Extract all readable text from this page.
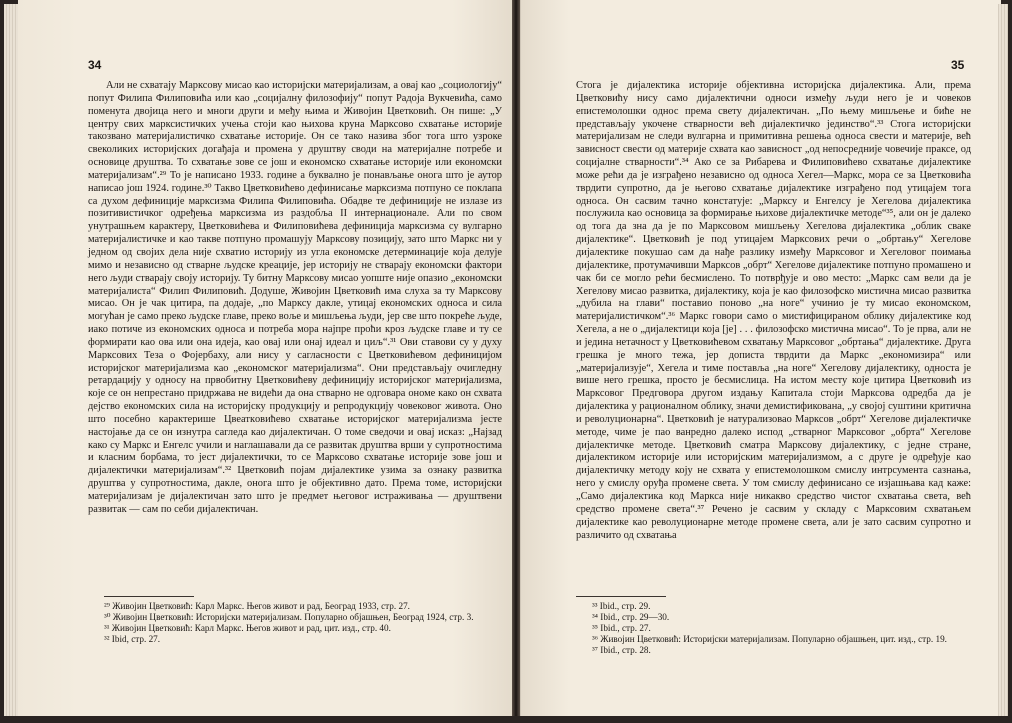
34

Али не схватају Марксову мисао као историјски материјализам, а овај као „социологију“ попут Филипа Филиповића или као „социјалну филозофију“ попут Радоја Вукчевића, само поменута двојица него и многи други и међу њима и Живојин Цветковић. Он пише: „У центру свих марксистичких учења стоји као њихова круна Марксово схватање историје такозвано материјалистичко схватање историје. Он се тако назива због тога што узроке свеколиких историјских догађаја и промена у друштву своди на материјалне потребе и основице друштва. То схватање зове се још и економско схватање историје или економски материјализам“.²⁹ То је написано 1933. године а буквално је понављање онога што је аутор написао још 1924. године.³⁰ Такво Цветковићево дефинисање марксизма потпуно се поклапа са духом дефиниције марксизма Филипа Филиповића. Обадве те дефиниције не излазе из позитивистичког одређења марксизма из раздобља II интернационале. Али по свом унутрашњем карактеру, Цветковићева и Филиповићева дефиниција марксизма су вулгарно материјалистичке и као такве потпуно промашују Марксову позицију, зато што Маркс ни у једном од својих дела није схватио историју из угла економске детерминације која делује мимо и независно од стварне људске креације, јер историју не стварају економски фактори него људи стварају своју историју. Ту битну Марксову мисао уопште није опазио „економски материјалиста“ Филип Филиповић. Додуше, Живојин Цветковић има слуха за ту Марксову мисао. Он је чак цитира, па додаје, „по Марксу дакле, утицај економских односа и сила могућан је само преко људске главе, преко воље и мишљења људи, јер све што покреће људе, иако потиче из економских односа и потреба мора најпре проћи кроз људске главе и ту се формирати као ова или она идеја, као овај или онај идеал и циљ“.³¹ Ови ставови су у духу Марксових Теза о Фојербаху, али нису у сагласности с Цветковићевом дефиницијом историјског материјализма као „економског материјализма“. Они представљају очигледну ретардацију у односу на првобитну Цветковићеву дефиницију историјског материјализма, које се он непрестано придржава не видећи да она стварно не одговара ономе како он схвата дејство економских сила на историјску продукцију и репродукцију човековог живота. Оно што посебно карактерише Цвеаткoвићево схватање историјског материјализма јесте настојање да се он изнутра сагледа као дијалектичан. О томе сведочи и овај исказ: „Најзад како су Маркс и Енгелс учили и наглашавали да се развитак друштва врши у супротностима и класним борбама, то јест дијалектички, то се Марксово схватање историје зове још и дијалектички материјализам“.³² Цветковић појам дијалектике узима за ознаку развитка друштва у супротностима, дакле, онога што је објективно дато. Према томе, историјски материјализам је дијалектичан зато што је предмет његовог истраживања — друштвени развитак — сам по себи дијалектичан.

²⁹ Живојин Цветковић: Карл Маркс. Његов живот и рад, Београд 1933, стр. 27.
³⁰ Живојин Цветковић: Историјски материјализам. Популарно објашњен, Београд 1924, стр. 3.
³¹ Живојин Цветковић: Карл Маркс. Његов живот и рад, цит. изд., стр. 40.
³² Ibid, стр. 27.
35

Стога је дијалектика историје објективна историјска дијалектика. Али, према Цветковићу нису само дијалектични односи између људи него је и човеков епистемолошки однос према свету дијалектичан. „По њему мишљење и биће не представљају укочене стварности већ дијалектичко јединство“.³³ Стога историјски материјализам не следи вулгарна и примитивна решења односа свести и материје, већ зависност свести од материје схвата као зависност „од непосредније човечије праксе, од социјалне стварности“.³⁴ Ако се за Рибарева и Филиповићево схватање дијалектике може рећи да је изграђено независно од односа Хегел—Маркс, мора се за Цветковића тврдити супротно, да је његово схватање дијалектике изграђено под утицајем тога односа. Он сасвим тачно констатује: „Марксу и Енгелсу је Хегелова дијалектика послужила као основица за формирање њихове дијалектичке методе“³⁵, али он је далеко од тога да зна да је по Марксовом мишљењу Хегелова дијалектика „облик сваке дијалектике“. Цветковић је под утицајем Марксових речи о „обртању“ Хегелове дијалектике покушао сам да нађе разлику између Марксовог и Хегеловог поимања дијалектике, протумачивши Марксов „обрт“ Хегелове дијалектике потпуно промашено и чак би се могло рећи бесмислено. То потврђује и ово место: „Маркс сам вели да је Хегелову мисао развитка, дијалектику, која је као филозофско мистична мисао развитка „дубила на глави“ поставио поново „на ноге“ учинио је ту мисао економском, материјалистичком“.³⁶ Маркс говори само о мистифицираном облику дијалектике код Хегела, а не о „дијалектици која [је] . . . филозофско мистична мисао“. То је прва, али не и једина нетачност у Цветковићевом схватању Марксовог „обртања“ дијалектике. Друга грешка је много тежа, јер дописта тврдити да Маркс „економизира“ или „материјализује“, Хегела и тиме поставља „на ноге“ Хегелову дијалектику, односта је више него грешка, просто је бесмислица. На истом месту које цитира Цветковић из Марксовог Предговора другом издању Капитала стоји Марксова одредба да је дијалектика у рационалном облику, значи демистификована, „у својој суштини критична и револуционарна“. Цветковић је натурализовао Марксов „обрт“ Хегелове дијалектичке методе, чиме је пао ванредно далеко испод „стварног Марксовог „обрта“ Хегелове дијалектичке методе. Цветковић сматра Марксову дијалектику, с једне стране, дијалектиком историје или историјским материјализмом, а с друге је одређује као дијалектичку методу коју не схвата у епистемолошком смислу интрсумента сазнања, него у смислу оруђа промене света. У том смислу дефинисано се изјашњава кад каже: „Само дијалектика код Маркса није никакво средство чистог схватања света, већ средство промене света“.³⁷ Речено је сасвим у складу с Марксовим схватањем дијалектике као револуционарне методе промене света, али је зато сасвим супротно и различито од схватања

³³ Ibid., стр. 29.
³⁴ Ibid., стр. 29—30.
³⁵ Ibid., стр. 27.
³⁶ Живојин Цветковић: Историјски материјализам. Популарно објашњен, цит. изд., стр. 19.
³⁷ Ibid., стр. 28.
